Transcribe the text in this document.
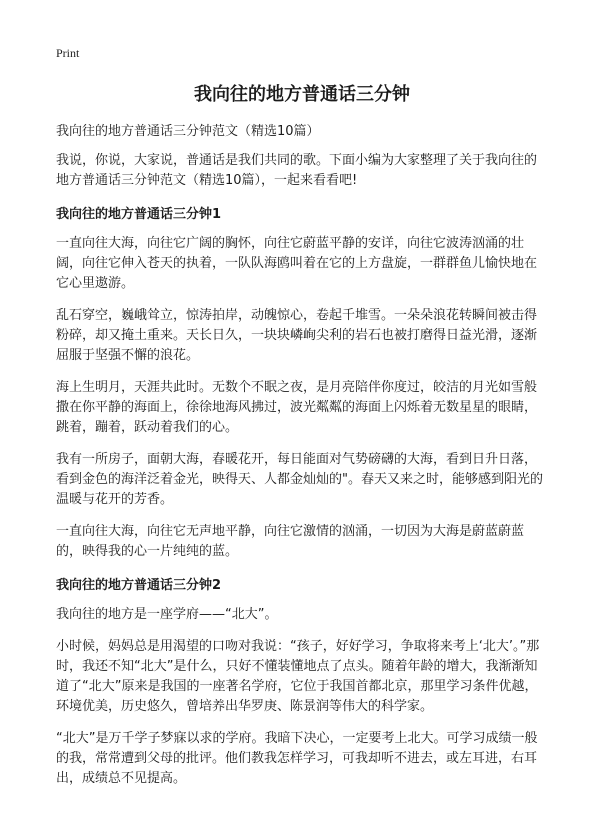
Print
我向往的地方普通话三分钟

我向往的地方普通话三分钟范文（精选10篇）

我说，你说，大家说，普通话是我们共同的歌。下面小编为大家整理了关于我向往的地方普通话三分钟范文（精选10篇），一起来看看吧!

我向往的地方普通话三分钟1

一直向往大海，向往它广阔的胸怀，向往它蔚蓝平静的安详，向往它波涛汹涌的壮阔，向往它伸入苍天的执着，一队队海鸥叫着在它的上方盘旋，一群群鱼儿愉快地在它心里遨游。

乱石穿空，巍峨耸立，惊涛拍岸，动魄惊心，卷起千堆雪。一朵朵浪花转瞬间被击得粉碎，却又掩土重来。天长日久，一块块嶙峋尖利的岩石也被打磨得日益光滑，逐渐屈服于坚强不懈的浪花。

海上生明月，天涯共此时。无数个不眠之夜，是月亮陪伴你度过，皎洁的月光如雪般撒在你平静的海面上，徐徐地海风拂过，波光粼粼的海面上闪烁着无数星星的眼睛，跳着，蹦着，跃动着我们的心。

我有一所房子，面朝大海，春暖花开，每日能面对气势磅礴的大海，看到日升日落，看到金色的海洋泛着金光，映得天、人都金灿灿的"。春天又来之时，能够感到阳光的温暖与花开的芳香。

一直向往大海，向往它无声地平静，向往它激情的汹涌，一切因为大海是蔚蓝蔚蓝的，映得我的心一片纯纯的蓝。

我向往的地方普通话三分钟2

我向往的地方是一座学府——“北大”。

小时候，妈妈总是用渴望的口吻对我说：“孩子，好好学习，争取将来考上‘北大’。”那时，我还不知“北大”是什么，只好不懂装懂地点了点头。随着年龄的增大，我渐渐知道了“北大”原来是我国的一座著名学府，它位于我国首都北京，那里学习条件优越，环境优美，历史悠久，曾培养出华罗庚、陈景润等伟大的科学家。

“北大”是万千学子梦寐以求的学府。我暗下决心，一定要考上北大。可学习成绩一般的我，常常遭到父母的批评。他们教我怎样学习，可我却听不进去，或左耳进，右耳出，成绩总不见提高。
